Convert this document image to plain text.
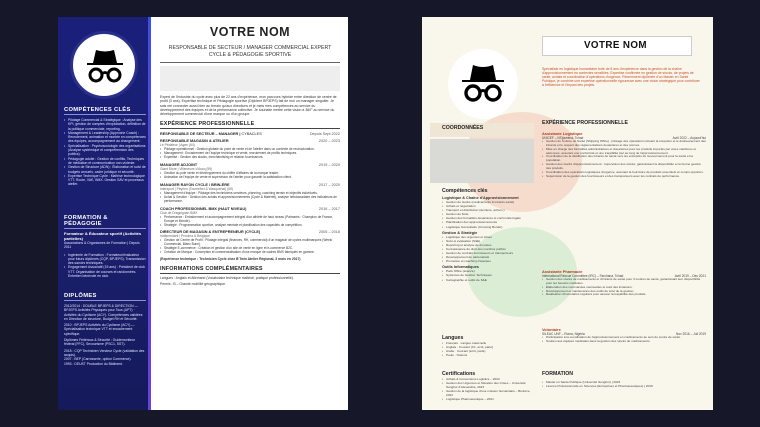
COMPÉTENCES CLÉS
• Pilotage Commercial & Stratégique : Analyse des KPI, gestion de comptes d'exploitation, définition de la politique commerciale, reporting.
• Management & Leadership (Approche Coach) : Recrutement, animation et montée en compétences des équipes, accompagnement au changement.
• Spécialisation : Psychosociologie des organisations (Analyse systémique et compréhension des publics).
• Pédagogie adulte : Gestion de conflits, Techniques de médiation et communication non-violente.
• Gestion de Structure (ADN) : Élaboration et suivi de budgets annuels, cadre juridique et sécurité.
• Expertise Technique Cycle : Maîtrise technologique VTT, Route, VAE, BMX. Gestion SAV et processus atelier.
FORMATION & PÉDAGOGIE
Formateur & Éducateur sportif (Activités partielles)
Associations & Organismes de Formation | Depuis 2011
• Ingénierie de Formation : Formateur/évaluateur pour futurs diplômés (CQP, BPJEPS). Transmission des savoirs techniques.
• Engagement Associatif (15 ans) : Président de club VTT. Organisation de courses et randonnées. Entretien bénévole en club.
DIPLÔMES
2012/2014 : DOUBLE BPJEPS & DIRECTION — BPJEPS Activités Physiques pour Tous (APT) · Activités du Cyclisme (ACY). Compétences validées en Direction de structure, Budget RH et Sécurité.
2010 : BPJEPS Activités du Cyclisme (ACY) — Spécialisation technique VTT et encadrement spécifique.
Diplômes Fédéraux & Sécurité : Guidemoniteur fédéral (FFC), Secourisme (PSC1, SST).
2018 : CQP Technicien Vendeur Cycle (validation des acquis).
2007 : BEP (Carrosserie, option Commerce).
1993 : DEUST Production du Bâtiment.
VOTRE NOM
RESPONSABLE DE SECTEUR / MANAGER COMMERCIAL EXPERT CYCLE & PÉDAGOGIE SPORTIVE
Expert de l'industrie du cycle avec plus de 22 ans d'expérience, mon parcours hybride entre direction de centre de profit (3 ans), Expertise technique et Pédagogie sportive (Diplômé BPJEPS) fait de moi un manager singulier. Je sais me connecter aussi bien au terrain qu'aux directions et je mets mes compétences au service du développement des équipes et de la performance collective. Je souhaite mettre cette vision à 360° au service du développement commercial d'une marque ou d'un groupe.
EXPÉRIENCE PROFESSIONNELLE
RESPONSABLE DE SECTEUR – MANAGER | CYBACLES	Depuis Sept 2022
RESPONSABLE MAGASIN & ATELIER	2020 – 2023
Le Pédaleur | Agen (64)
• Pilotage opérationnel : Gestion globale du point de vente et de l'atelier dans un contexte de restructuration.
• Management : Encadrement de l'équipe technique et vente, recrutement de profils techniques.
• Expertise : Gestion des stocks, merchandising et relation fournisseurs.
MANAGER ADJOINT	2019 – 2020
Giant Store | Villeneuve-d'Ascq (59)
• Gestion du pôle vente et développement du chiffre d'affaires de la marque leader.
• Animation de l'équipe de vente et supervision de l'atelier pour garantir la satisfaction client.
MANAGER RAYON CYCLE / BRIN-ÉRE	2017 – 2020
Intersport | Peyrieu (Tournefort & Wasquehal) (59)
• Management d'équipe : Pilotage des techniciens-vendeurs, planning, coaching terrain et objectifs individuels.
• Achat & Gestion : Gestion des achats et approvisionnements (Cycle & Matériel), analyse hebdomadaire des indicateurs de performance.
COACH PROFESSIONNEL BMX (HAUT NIVEAU)	2016 – 2017
Club de Draguignan BMX
• Performance : Entraînement et accompagnement intégral d'un athlète de haut niveau (Palmarès : Champion de France, Europe et Monde).
• Stratégie : Programmation sportive, analyse mentale et planification des capacités de compétition.
DIRECTEUR DE MAGASIN & ENTREPRENEUR (CYCLE)	2005 – 2016
Indépendant | Proxima & Belgique
• Gestion de Centre de Profit : Pilotage intégral (finances, RH, commercial) d'un magasin de cycles multimarques (Weelo Commercial, Blanc Bunn).
• Stratégie E-commerce : Création et gestion d'un site de vente en ligne et e-commerce B2C.
• Création de Marque : Conception et commercialisation d'une marque de cadres BMX fabriqués en gamme.
(Expérience technique : Technicien Cycle chez B'Twin Atelier Régional, 3 mois en 2017)
INFORMATIONS COMPLÉMENTAIRES
Langues : Anglais et Allemand (Vocabulaire technique maîtrisé, pratique professionnelle).
Permis : B – Grande mobilité géographique.
COORDONNÉES
Compétences clés
Logistique & Chaîne d'Approvisionnement
• Gestion de stocks (médicaments & intrants santé)
• Achats et négociation
• Transport et distribution (dernière, achem.)
• Gestion de flotte
• Gestion des formalités douanières et conformité légale
• Planification des approvisionnements
• Logistique humanitaire (Crossing Border)
Gestion & Stratégie
• Logistique des urgences et crises
• Suivi et évaluation (S&E)
• Reporting et analyse de données
• Connaissance du droit des marchés publics
• Gestion de contrats fournisseurs et transporteurs
• Développement de partenariats
• Promotion et coaching d'équipes
Outils Informatiques
• Pack Office (avancé)
• Systèmes de Gestion Techniques
• Cartographie et outils de S&E
Langues
• Français · Langue maternelle
• Anglais · Courant (C1, écrit, parlé)
• Arabe · Courant (écrit, parlé)
• Peule · Notions
Certifications
• Achats & Conventions Logistics – 2024
• Gestion des Urgences et Situation des Crises – Université Senghor d'Alexandrie, 2023
• Gestion de la logistique d'une mission humanitaire – Bioforce, 2023
• Logistique Pharmaceutique – 2021
VOTRE NOM
Spécialiste en logistique humanitaire forte de 8 ans d'expérience dans la gestion de la chaîne d'approvisionnement en contextes sensibles. Expertise confirmée en gestion de stocks, de projets de santé, achats et coordination d'opérations d'urgence. Récemment diplômée d'un Master en Santé Publique, je combine une expertise opérationnelle rigoureuse avec une vision stratégique pour contribuer à l'efficience et l'impact des projets.
EXPÉRIENCE PROFESSIONNELLE
Assistante Logistique
UNICEF – N'Djaména, Tchad	Avril 2022 – Aujourd'hui
• Gestion de l'entrée de Santé (Shipping Office) : pilotage des opérations incluant la réception et le dédouanement des intrants et le respect des réglementations douanières et des normes.
• Mise en charge des formalités administratives et douanières pour les produits importés par voies maritimes et aériennes, assurant une conformité et une traçabilité tout au long de l'approvisionnement.
• Coordination de la distribution des intrants de santé vers les entrepôts du Gouvernement pour la santé et la population.
• Gestion des stocks d'approvisionnement : supervision des stocks, garantissant la disponibilité et la bonne gestion des produits.
• Coordination des opérations logistiques d'urgence, assurant la fourniture de produits essentiels en temps opportun.
• Supervision de la gestion des fournisseurs et des transporteurs avec les contrats de performance.
Assistante Pharmacie
International Rescue Committee (IRC) – Farchana, Tchad	Avril 2019 – Déc 2021
• Gestion des stocks de médicaments et d'intrants de santé pour 3 centres de santé, garantissant leur disponibilité pour les besoins médicaux.
• Élaboration des commandes mensuelles et suivi des livraisons.
• Développement et maintenance des outils de suivi de la gestion.
• Réalisation d'inventaires réguliers pour assurer la traçabilité des produits.
Volontaire
SILEAC UNF – Roma, Nigéria	Nov 2016 – Juil 2019
• Participation à la coordination de l'approvisionnement en médicaments au sein du centre de santé.
• Soutien aux équipes médicales dans la gestion des stocks de médicaments.
FORMATION
• Master en Santé Publique (Université Senghor) | 2023
• Licence Professionnelle en Sciences (Entreprises et Pharmaceutiques) | 2019
